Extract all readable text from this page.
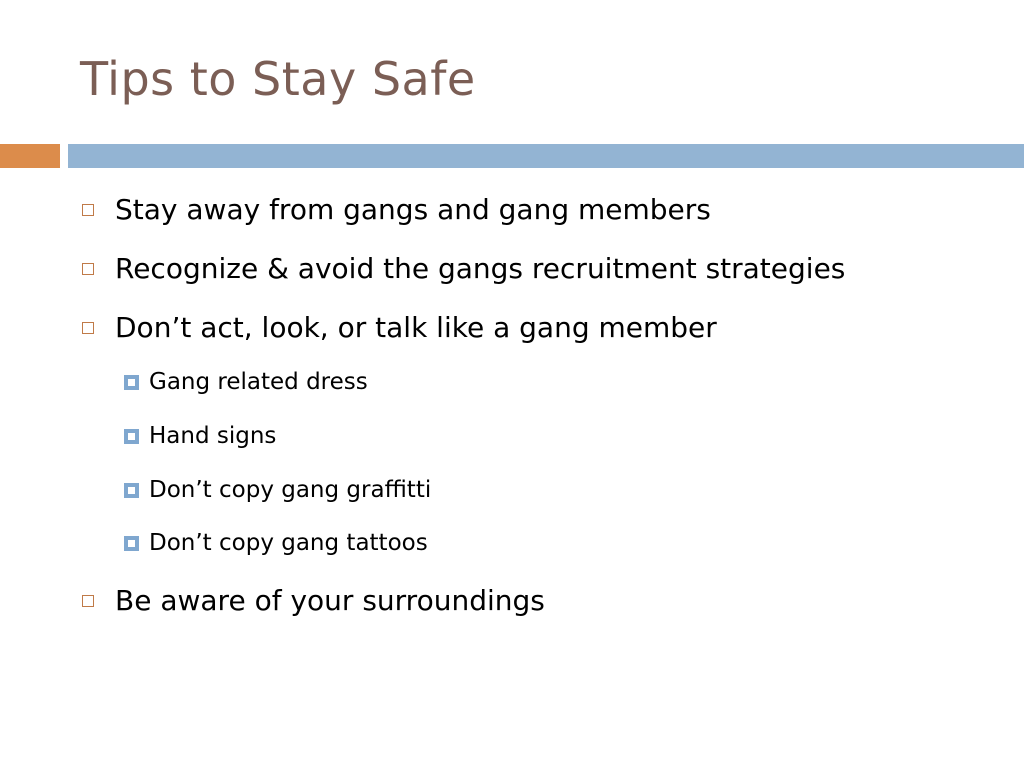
Tips to Stay Safe
Stay away from gangs and gang members
Recognize & avoid the gangs recruitment strategies
Don’t act, look, or talk like a gang member
Gang related dress
Hand signs
Don’t copy gang graffitti
Don’t copy gang tattoos
Be aware of your surroundings
